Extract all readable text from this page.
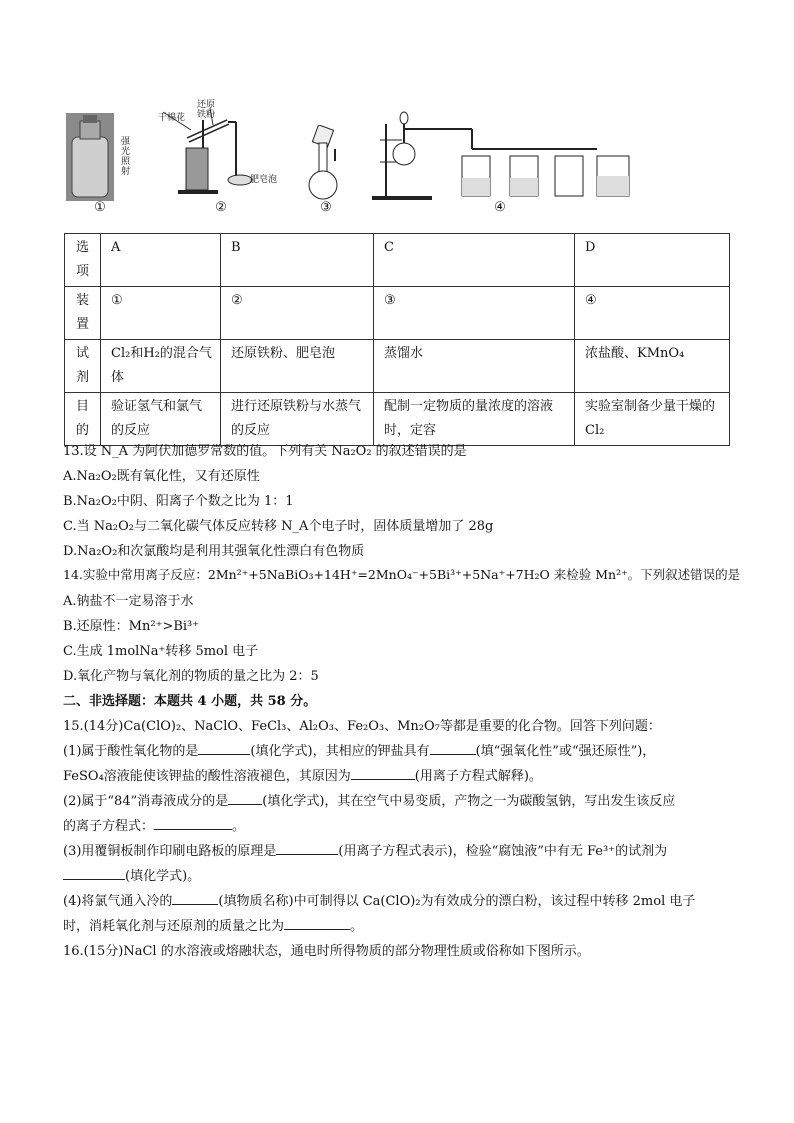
强光照射
①
干棉花
还原铁粉
肥皂泡
②	③	④
选项	A	B	C	D
装置	①	②	③	④
试剂	Cl₂和H₂的混合气体	还原铁粉、肥皂泡	蒸馏水	浓盐酸、KMnO₄
目的	验证氢气和氯气的反应	进行还原铁粉与水蒸气的反应	配制一定物质的量浓度的溶液时，定容	实验室制备少量干燥的Cl₂
13.设 N_A 为阿伏加德罗常数的值。下列有关 Na₂O₂ 的叙述错误的是
A.Na₂O₂既有氧化性，又有还原性
B.Na₂O₂中阴、阳离子个数之比为 1：1
C.当 Na₂O₂与二氧化碳气体反应转移 N_A个电子时，固体质量增加了 28g
D.Na₂O₂和次氯酸均是利用其强氧化性漂白有色物质
14.实验中常用离子反应：2Mn²⁺+5NaBiO₃+14H⁺=2MnO₄⁻+5Bi³⁺+5Na⁺+7H₂O 来检验 Mn²⁺。下列叙述错误的是
A.钠盐不一定易溶于水
B.还原性：Mn²⁺>Bi³⁺
C.生成 1molNa⁺转移 5mol 电子
D.氧化产物与氧化剂的物质的量之比为 2：5
二、非选择题：本题共 4 小题，共 58 分。
15.(14分)Ca(ClO)₂、NaClO、FeCl₃、Al₂O₃、Fe₂O₃、Mn₂O₇等都是重要的化合物。回答下列问题：
(1)属于酸性氧化物的是	(填化学式)，其相应的钾盐具有	(填“强氧化性”或“强还原性”)，
FeSO₄溶液能使该钾盐的酸性溶液褪色，其原因为	(用离子方程式解释)。
(2)属于“84”消毒液成分的是	(填化学式)，其在空气中易变质，产物之一为碳酸氢钠，写出发生该反应
的离子方程式：	。
(3)用覆铜板制作印刷电路板的原理是	(用离子方程式表示)，检验“腐蚀液”中有无 Fe³⁺的试剂为
(填化学式)。
(4)将氯气通入冷的	(填物质名称)中可制得以 Ca(ClO)₂为有效成分的漂白粉，该过程中转移 2mol 电子
时，消耗氧化剂与还原剂的质量之比为	。
16.(15分)NaCl 的水溶液或熔融状态，通电时所得物质的部分物理性质或俗称如下图所示。
